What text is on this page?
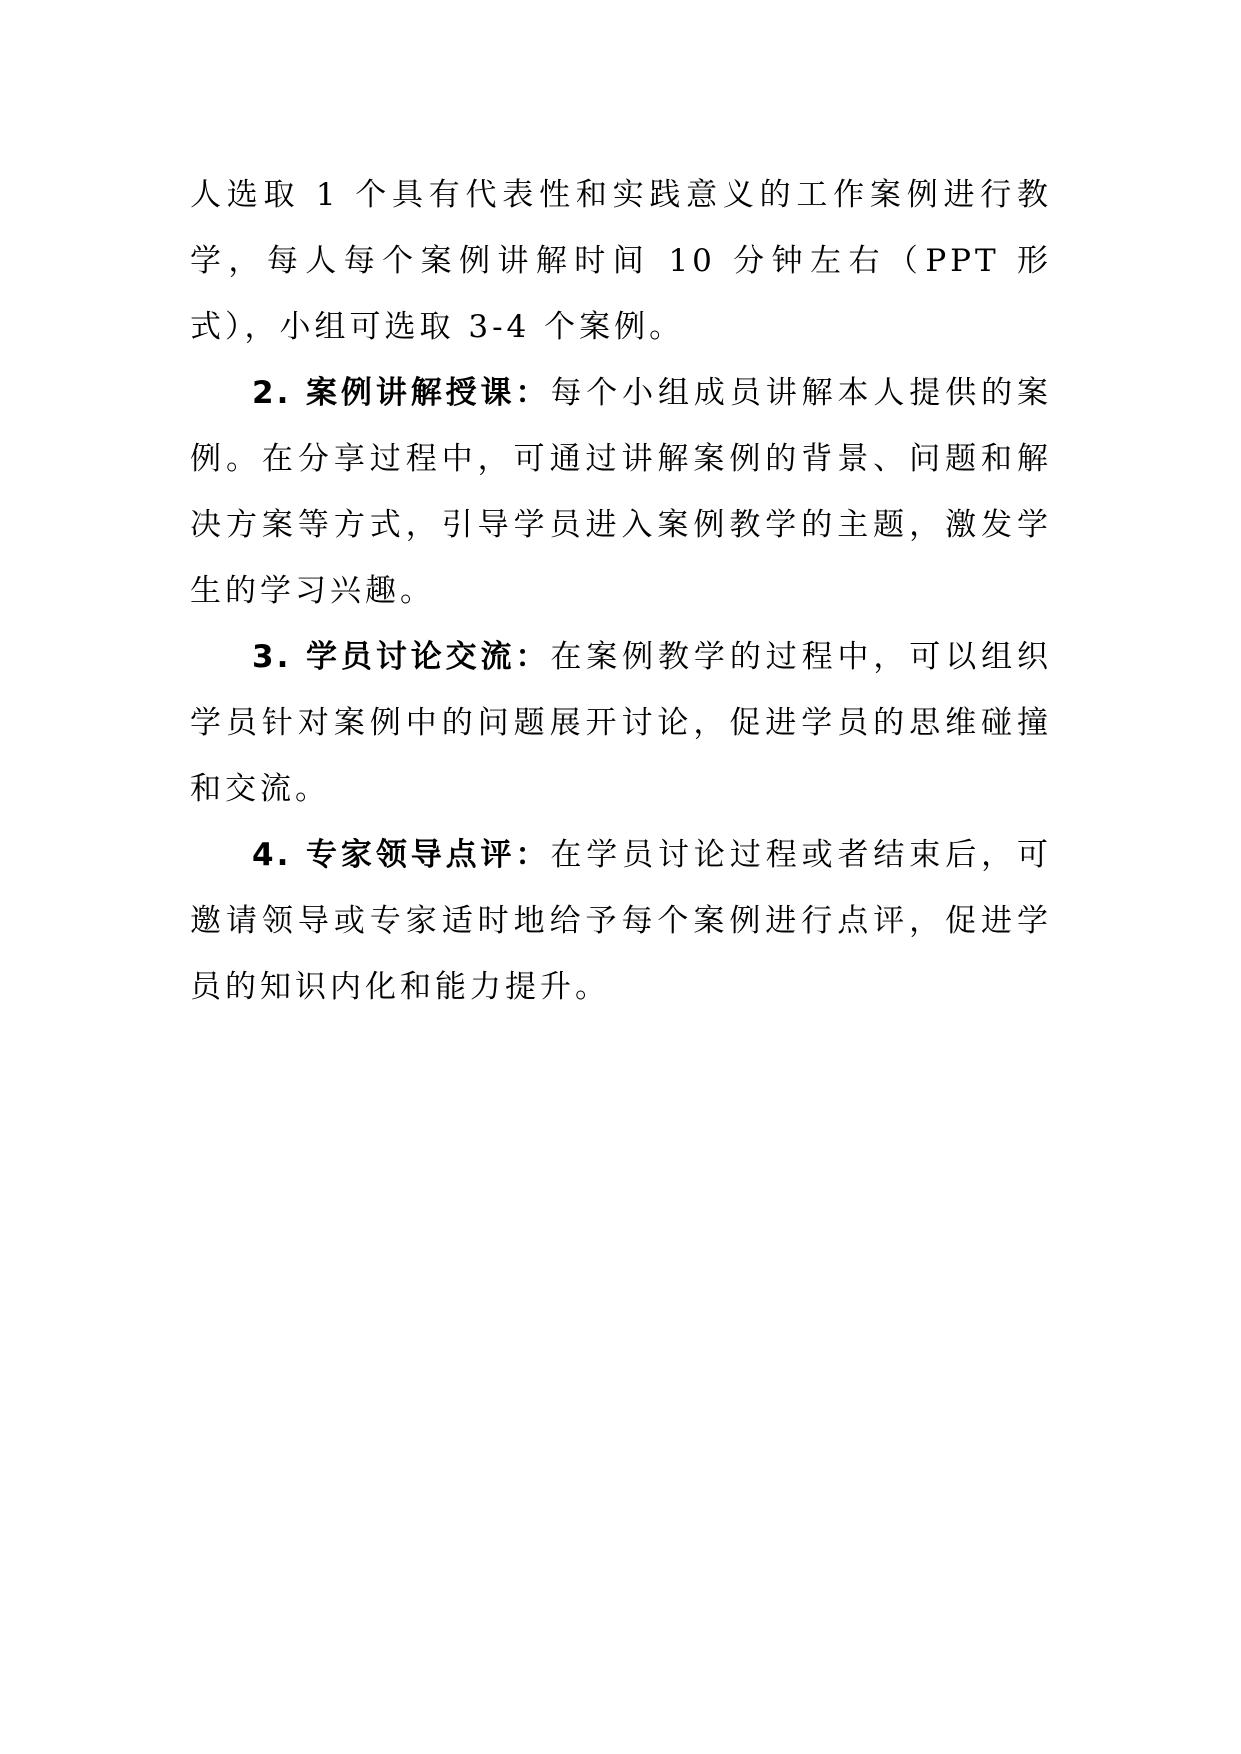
人选取 1 个具有代表性和实践意义的工作案例进行教学，每人每个案例讲解时间 10 分钟左右（PPT 形式），小组可选取 3-4 个案例。

2. 案例讲解授课：每个小组成员讲解本人提供的案例。在分享过程中，可通过讲解案例的背景、问题和解决方案等方式，引导学员进入案例教学的主题，激发学生的学习兴趣。

3. 学员讨论交流：在案例教学的过程中，可以组织学员针对案例中的问题展开讨论，促进学员的思维碰撞和交流。

4. 专家领导点评：在学员讨论过程或者结束后，可邀请领导或专家适时地给予每个案例进行点评，促进学员的知识内化和能力提升。
